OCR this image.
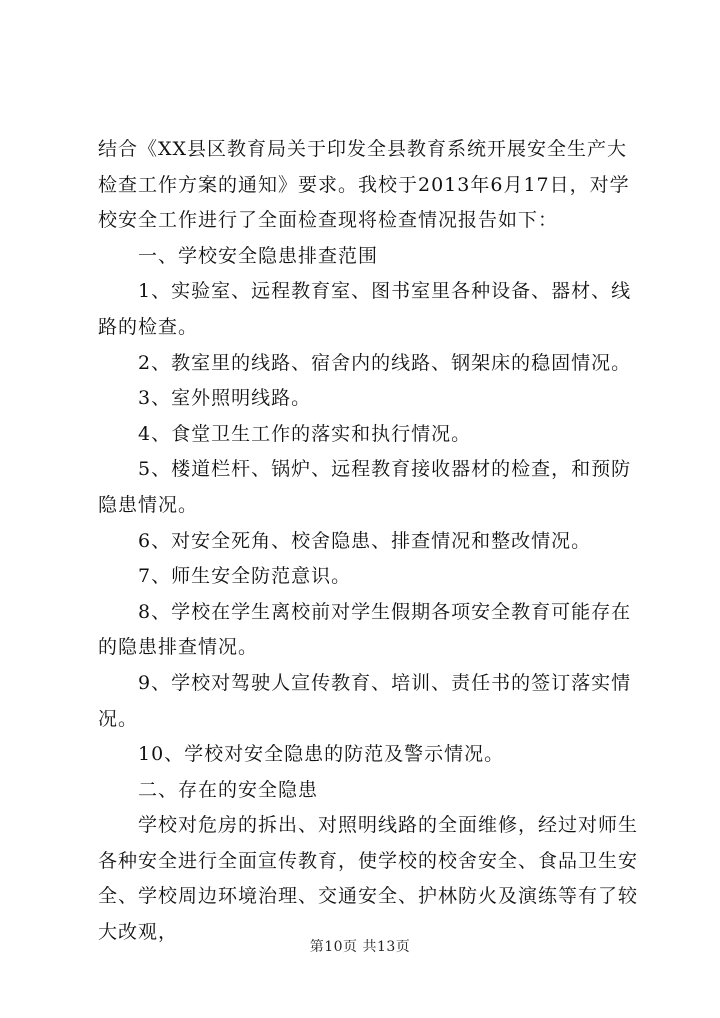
结合《XX县区教育局关于印发全县教育系统开展安全生产大检查工作方案的通知》要求。我校于2013年6月17日，对学校安全工作进行了全面检查现将检查情况报告如下：

一、学校安全隐患排查范围

1、实验室、远程教育室、图书室里各种设备、器材、线路的检查。

2、教室里的线路、宿舍内的线路、钢架床的稳固情况。

3、室外照明线路。

4、食堂卫生工作的落实和执行情况。

5、楼道栏杆、锅炉、远程教育接收器材的检查，和预防隐患情况。

6、对安全死角、校舍隐患、排查情况和整改情况。

7、师生安全防范意识。

8、学校在学生离校前对学生假期各项安全教育可能存在的隐患排查情况。

9、学校对驾驶人宣传教育、培训、责任书的签订落实情况。

10、学校对安全隐患的防范及警示情况。

二、存在的安全隐患

学校对危房的拆出、对照明线路的全面维修，经过对师生各种安全进行全面宣传教育，使学校的校舍安全、食品卫生安全、学校周边环境治理、交通安全、护林防火及演练等有了较大改观，

第10页 共13页
